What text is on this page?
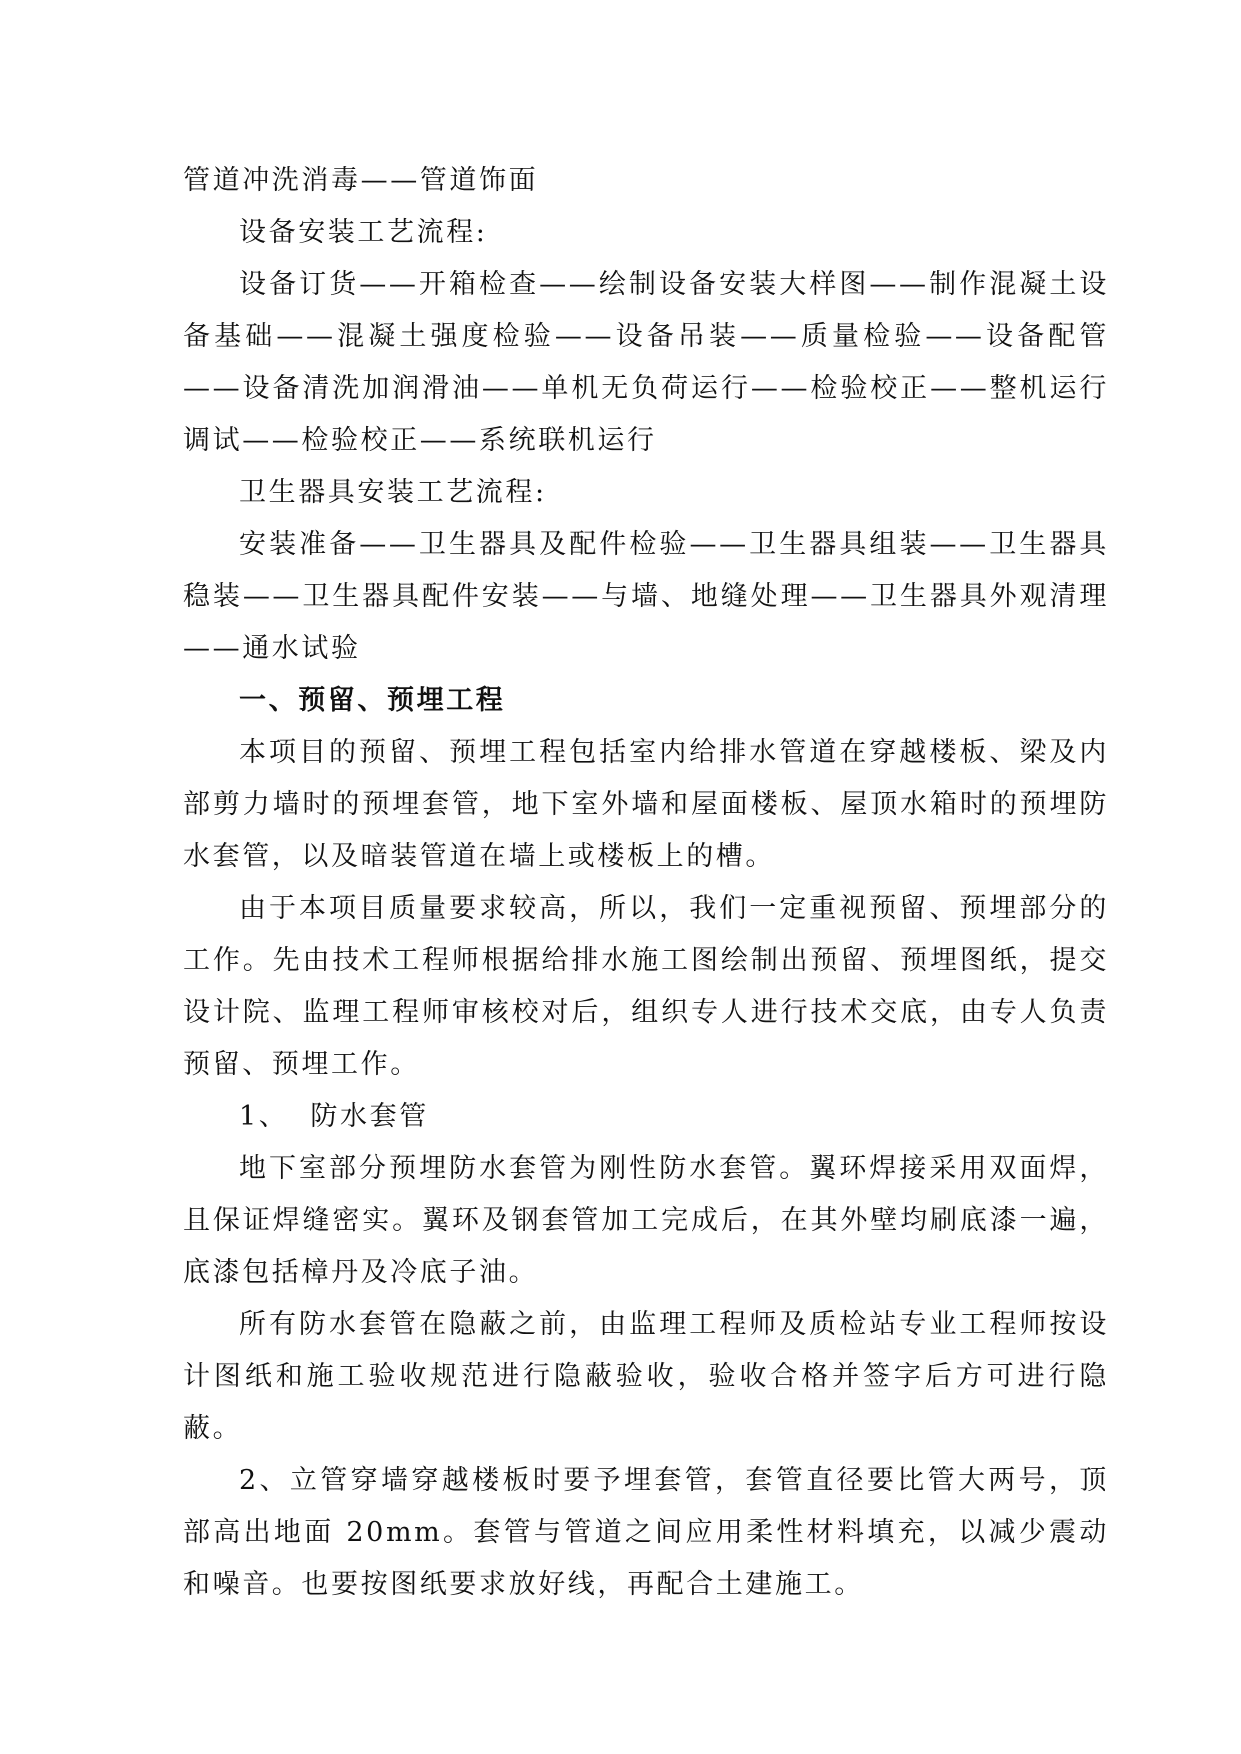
管道冲洗消毒——管道饰面

设备安装工艺流程:

设备订货——开箱检查——绘制设备安装大样图——制作混凝土设备基础——混凝土强度检验——设备吊装——质量检验——设备配管——设备清洗加润滑油——单机无负荷运行——检验校正——整机运行调试——检验校正——系统联机运行

卫生器具安装工艺流程:

安装准备——卫生器具及配件检验——卫生器具组装——卫生器具稳装——卫生器具配件安装——与墙、地缝处理——卫生器具外观清理——通水试验

一、预留、预埋工程

本项目的预留、预埋工程包括室内给排水管道在穿越楼板、梁及内部剪力墙时的预埋套管，地下室外墙和屋面楼板、屋顶水箱时的预埋防水套管，以及暗装管道在墙上或楼板上的槽。

由于本项目质量要求较高，所以，我们一定重视预留、预埋部分的工作。先由技术工程师根据给排水施工图绘制出预留、预埋图纸，提交设计院、监理工程师审核校对后，组织专人进行技术交底，由专人负责预留、预埋工作。

1、 防水套管

地下室部分预埋防水套管为刚性防水套管。翼环焊接采用双面焊，且保证焊缝密实。翼环及钢套管加工完成后，在其外壁均刷底漆一遍，底漆包括樟丹及冷底子油。

所有防水套管在隐蔽之前，由监理工程师及质检站专业工程师按设计图纸和施工验收规范进行隐蔽验收，验收合格并签字后方可进行隐蔽。

2、立管穿墙穿越楼板时要予埋套管，套管直径要比管大两号，顶部高出地面 20mm。套管与管道之间应用柔性材料填充，以减少震动和噪音。也要按图纸要求放好线，再配合土建施工。
